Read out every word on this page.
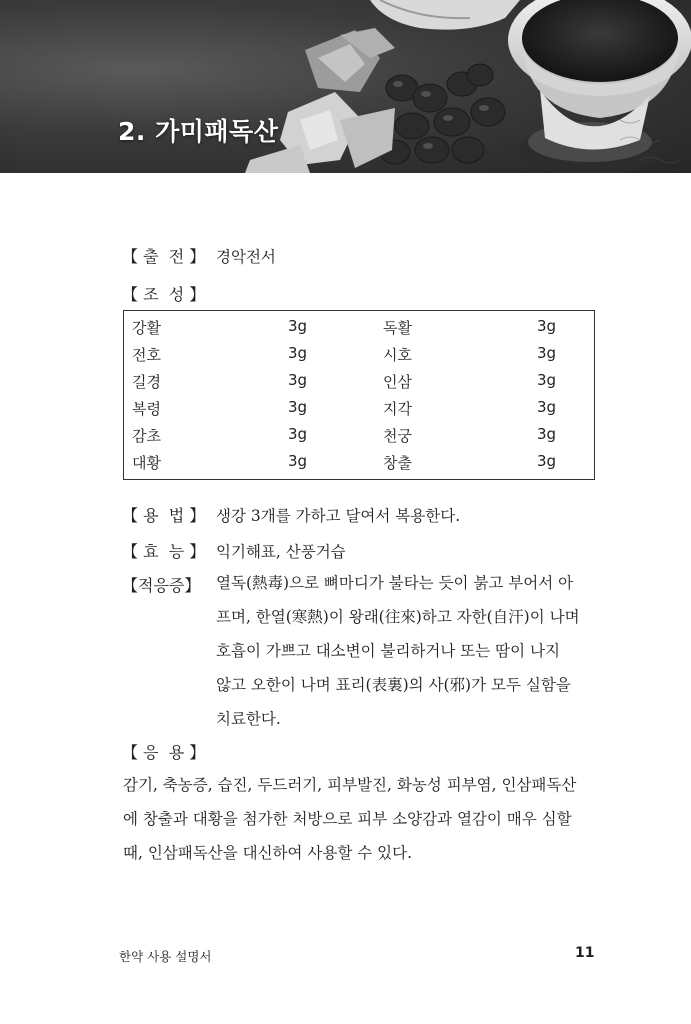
2. 가미패독산
【 출  전 】 경악전서
【 조  성 】
강활	3g	독활	3g
전호	3g	시호	3g
길경	3g	인삼	3g
복령	3g	지각	3g
감초	3g	천궁	3g
대황	3g	창출	3g
【 용  법 】 생강 3개를 가하고 달여서 복용한다.
【 효  능 】 익기해표, 산풍거습
【적응증】 열독(熱毒)으로 뼈마디가 불타는 듯이 붉고 부어서 아
프며, 한열(寒熱)이 왕래(往來)하고 자한(自汗)이 나며
호흡이 가쁘고 대소변이 불리하거나 또는 땀이 나지
않고 오한이 나며 표리(表裏)의 사(邪)가 모두 실함을
치료한다.
【 응  용 】
감기, 축농증, 습진, 두드러기, 피부발진, 화농성 피부염, 인삼패독산
에 창출과 대황을 첨가한 처방으로 피부 소양감과 열감이 매우 심할
때, 인삼패독산을 대신하여 사용할 수 있다.
한약 사용 설명서	11
